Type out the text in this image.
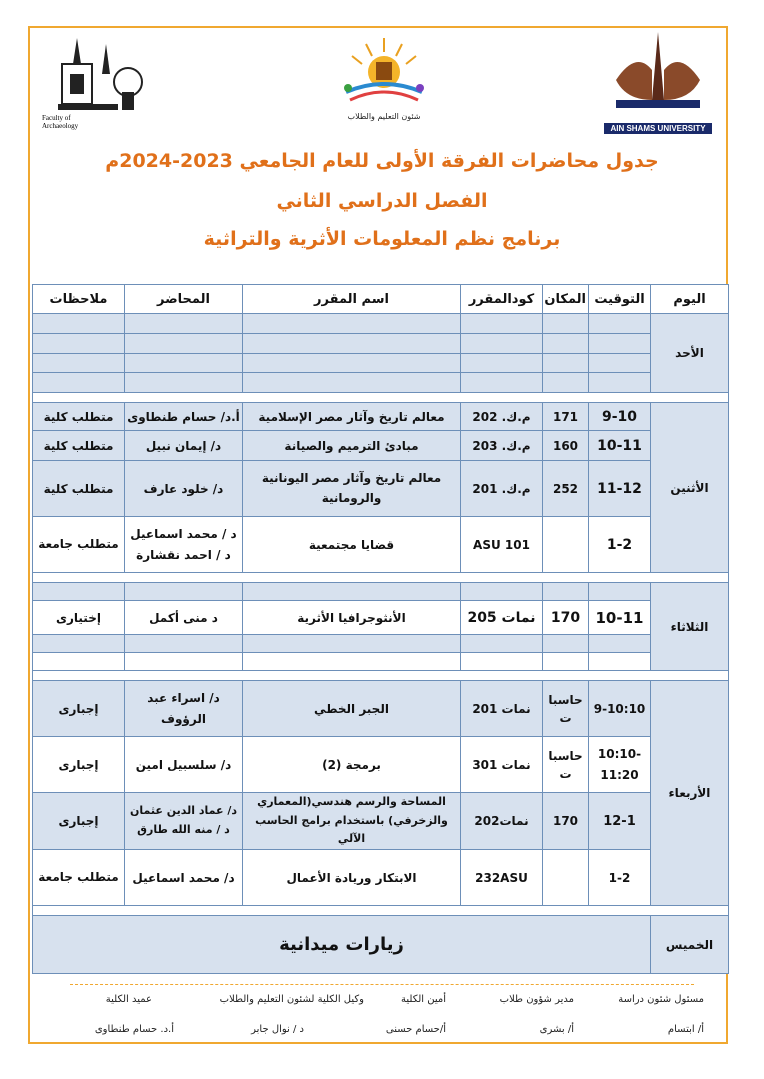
Faculty of Archaeology
شئون التعليم والطلاب
AIN SHAMS UNIVERSITY
جدول محاضرات الفرقة الأولى للعام الجامعي 2023-2024م
الفصل الدراسي الثاني
برنامج نظم المعلومات الأثرية والتراثية
اليوم	التوقيت	المكان	كودالمقرر	اسم المقرر	المحاضر	ملاحظات
الأحد						

الأثنين	9-10	171	م.ك. 202	معالم تاريخ وآثار مصر الإسلامية	أ.د/ حسام طنطاوى	متطلب كلية
	10-11	160	م.ك. 203	مبادئ الترميم والصيانة	د/ إيمان نبيل	متطلب كلية
	11-12	252	م.ك. 201	معالم تاريخ وآثار مصر اليونانية والرومانية	د/ خلود عارف	متطلب كلية
	1-2		ASU 101	قضايا مجتمعية	د / محمد اسماعيل
د / احمد نقشارة	متطلب جامعة

الثلاثاء						
	10-11	170	نمات 205	الأنثوجرافيا الأثرية	د منى أكمل	إختيارى

الأربعاء	9-10:10	حاسبات	نمات 201	الجبر الخطي	د/ اسراء عبد الرؤوف	إجبارى
	10:10-11:20	حاسبات	نمات 301	برمجة (2)	د/ سلسبيل امين	إجبارى
	12-1	170	نمات202	المساحة والرسم هندسي(المعماري والزخرفي) باستخدام برامج الحاسب الآلي	د/ عماد الدين عثمان
د / منه الله طارق	إجبارى
	1-2		232ASU	الابتكار وريادة الأعمال	د/ محمد اسماعيل	متطلب جامعة

الخميس	زيارات ميدانية					
مسئول شئون دراسة
مدير شؤون طلاب
أمين الكلية
وكيل الكلية لشئون التعليم والطلاب
عميد الكلية
أ/ ابتسام
أ/ بشرى
أ/حسام حسنى
د / نوال جابر
أ.د. حسام طنطاوى
